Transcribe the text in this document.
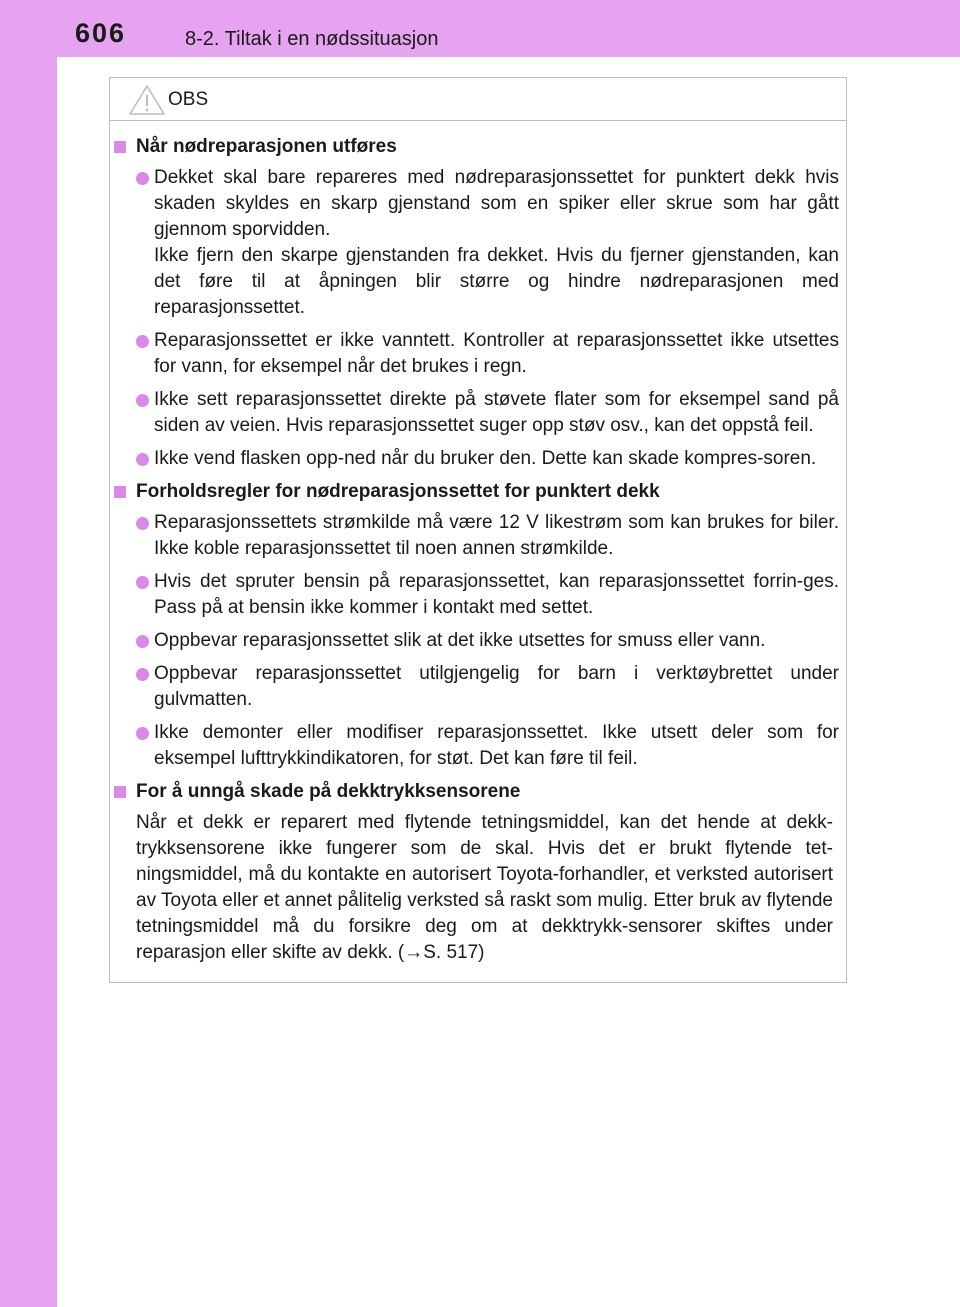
606	8-2. Tiltak i en nødssituasjon
OBS
Når nødreparasjonen utføres
Dekket skal bare repareres med nødreparasjonssettet for punktert dekk hvis skaden skyldes en skarp gjenstand som en spiker eller skrue som har gått gjennom sporvidden.
Ikke fjern den skarpe gjenstanden fra dekket. Hvis du fjerner gjenstanden, kan det føre til at åpningen blir større og hindre nødreparasjonen med reparasjonssettet.
Reparasjonssettet er ikke vanntett. Kontroller at reparasjonssettet ikke utsettes for vann, for eksempel når det brukes i regn.
Ikke sett reparasjonssettet direkte på støvete flater som for eksempel sand på siden av veien. Hvis reparasjonssettet suger opp støv osv., kan det oppstå feil.
Ikke vend flasken opp-ned når du bruker den. Dette kan skade kompres-soren.
Forholdsregler for nødreparasjonssettet for punktert dekk
Reparasjonssettets strømkilde må være 12 V likestrøm som kan brukes for biler. Ikke koble reparasjonssettet til noen annen strømkilde.
Hvis det spruter bensin på reparasjonssettet, kan reparasjonssettet forrin-ges. Pass på at bensin ikke kommer i kontakt med settet.
Oppbevar reparasjonssettet slik at det ikke utsettes for smuss eller vann.
Oppbevar reparasjonssettet utilgjengelig for barn i verktøybrettet under gulvmatten.
Ikke demonter eller modifiser reparasjonssettet. Ikke utsett deler som for eksempel lufttrykkindikatoren, for støt. Det kan føre til feil.
For å unngå skade på dekktrykksensorene
Når et dekk er reparert med flytende tetningsmiddel, kan det hende at dekk-trykksensorene ikke fungerer som de skal. Hvis det er brukt flytende tet-ningsmiddel, må du kontakte en autorisert Toyota-forhandler, et verksted autorisert av Toyota eller et annet pålitelig verksted så raskt som mulig. Etter bruk av flytende tetningsmiddel må du forsikre deg om at dekktrykk-sensorer skiftes under reparasjon eller skifte av dekk. (→S. 517)
